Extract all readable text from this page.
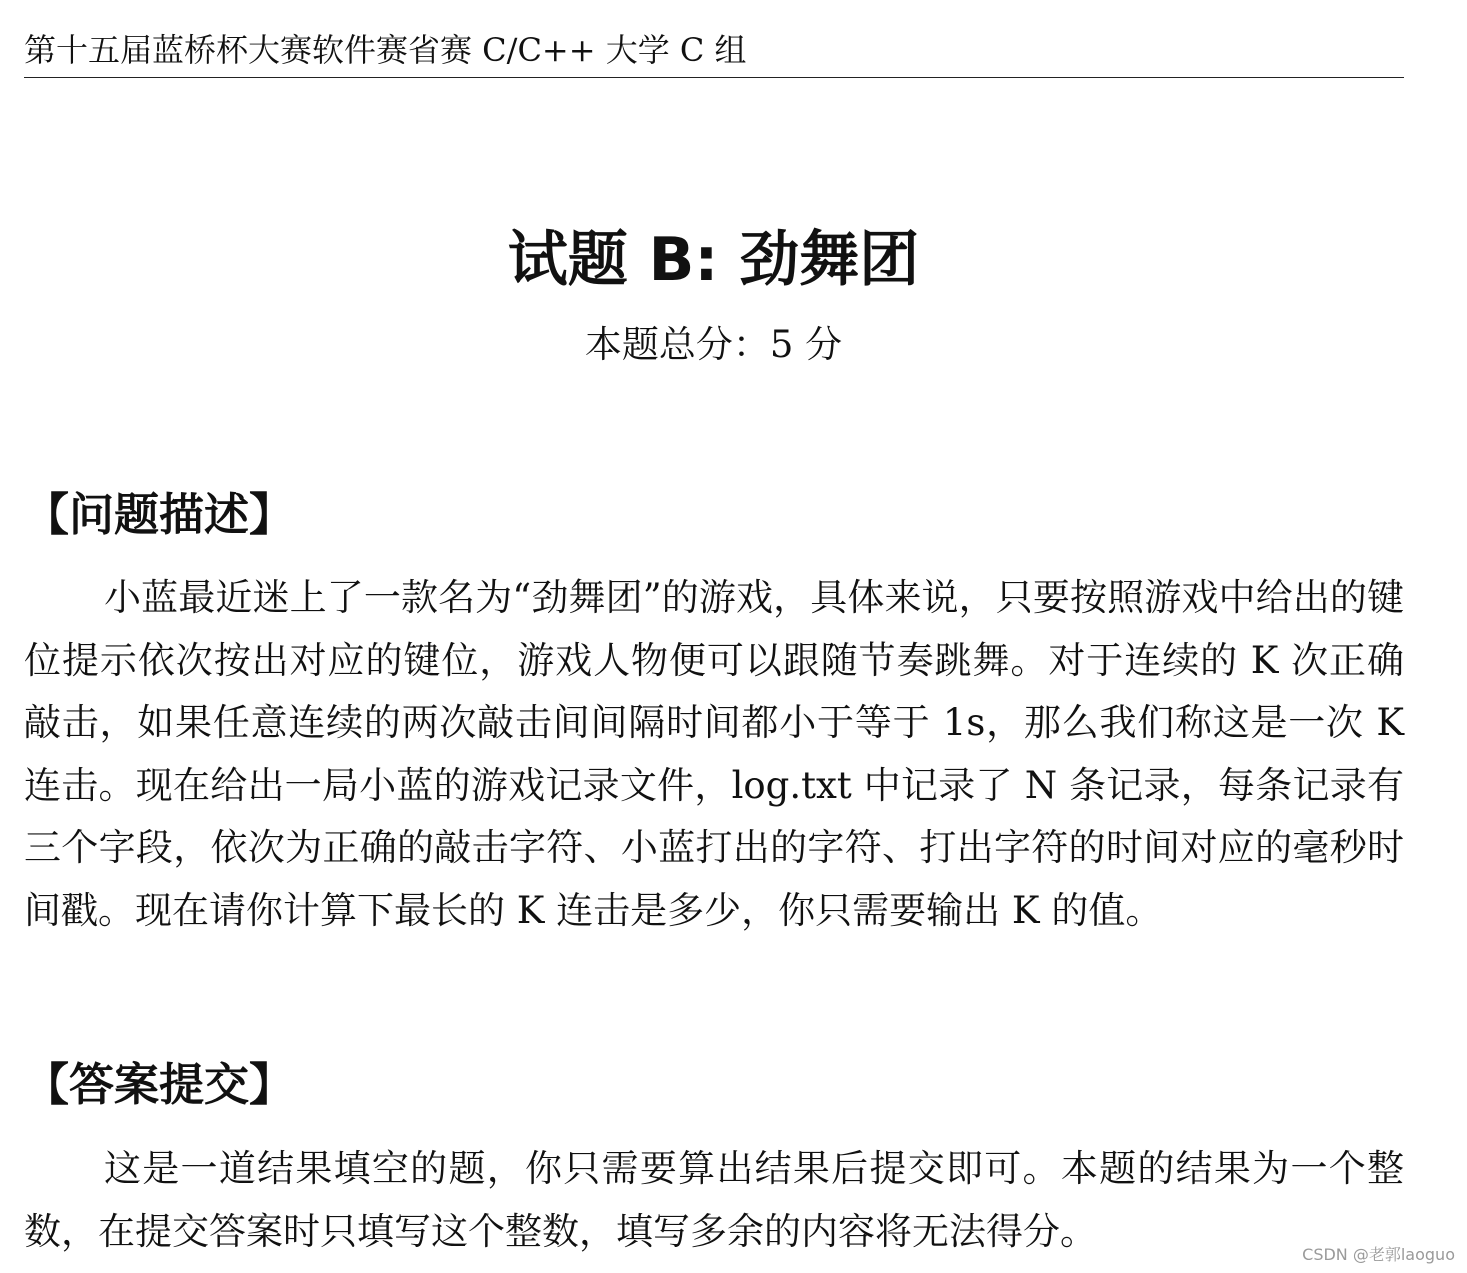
第十五届蓝桥杯大赛软件赛省赛 C/C++ 大学 C 组
试题 B: 劲舞团
本题总分：5 分
【问题描述】

小蓝最近迷上了一款名为“劲舞团”的游戏，具体来说，只要按照游戏中给出的键位提示依次按出对应的键位，游戏人物便可以跟随节奏跳舞。对于连续的 K 次正确敲击，如果任意连续的两次敲击间间隔时间都小于等于 1s，那么我们称这是一次 K 连击。现在给出一局小蓝的游戏记录文件，log.txt 中记录了 N 条记录，每条记录有三个字段，依次为正确的敲击字符、小蓝打出的字符、打出字符的时间对应的毫秒时间戳。现在请你计算下最长的 K 连击是多少，你只需要输出 K 的值。

【答案提交】

这是一道结果填空的题，你只需要算出结果后提交即可。本题的结果为一个整数，在提交答案时只填写这个整数，填写多余的内容将无法得分。

CSDN @老郭laoguo
